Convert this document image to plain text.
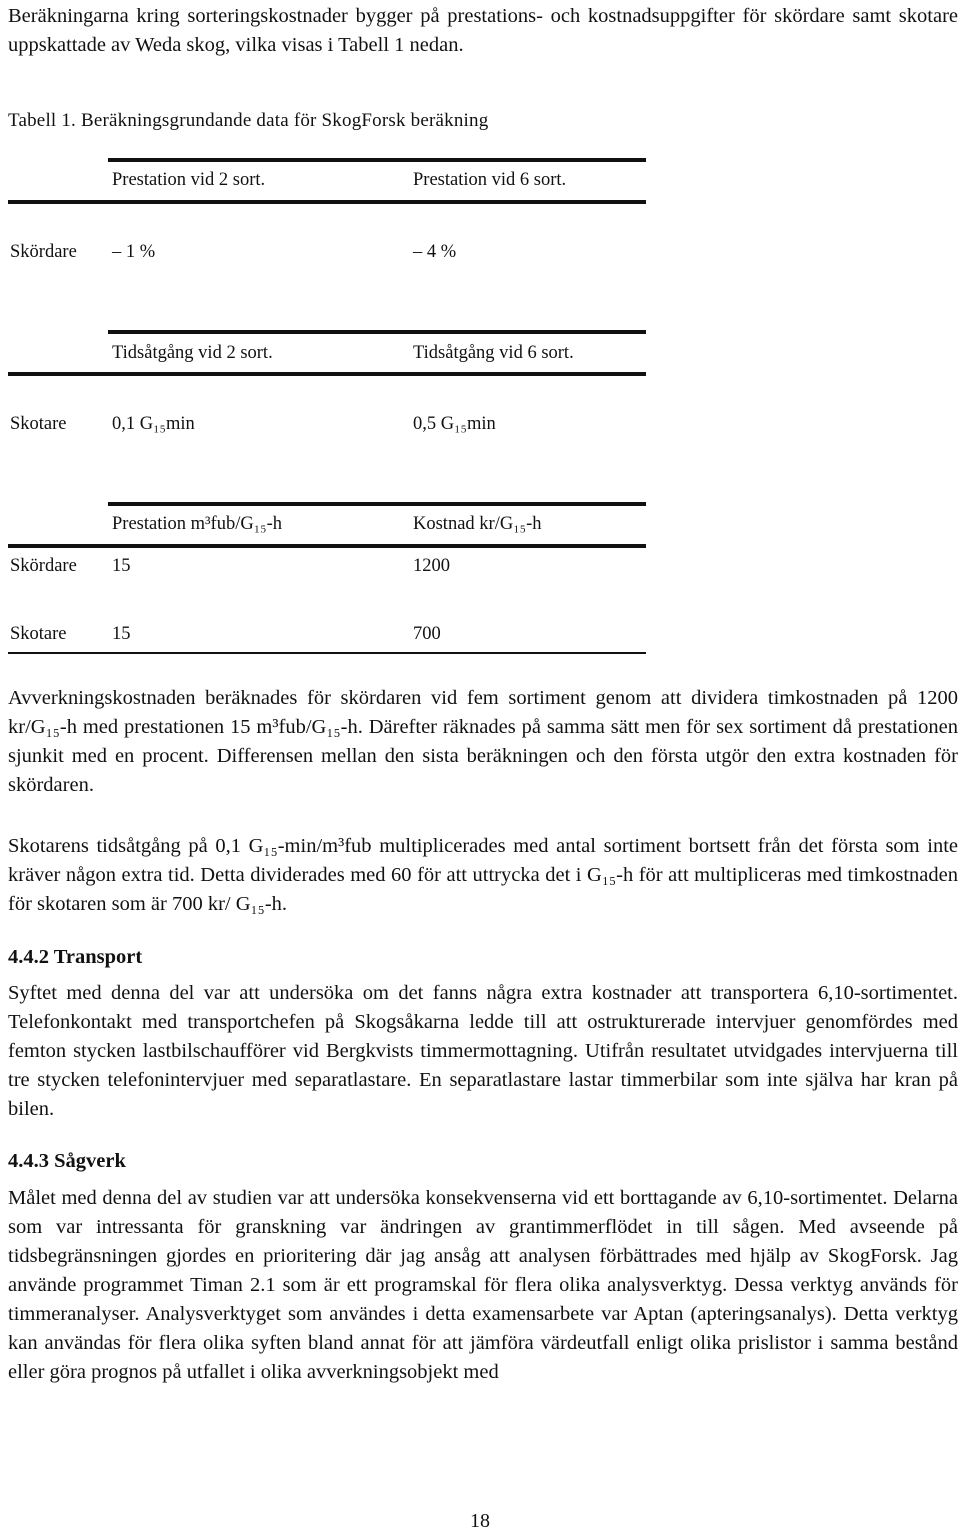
Beräkningarna kring sorteringskostnader bygger på prestations- och kostnadsuppgifter för skördare samt skotare uppskattade av Weda skog, vilka visas i Tabell 1 nedan.
Tabell 1. Beräkningsgrundande data för SkogForsk beräkning
Prestation vid 2 sort.	Prestation vid 6 sort.
Skördare – 1 %	– 4 %
Tidsåtgång vid 2 sort.	Tidsåtgång vid 6 sort.
Skotare 0,1 G₁₅min	0,5 G₁₅min
Prestation m³fub/G₁₅-h	Kostnad kr/G₁₅-h
Skördare 15	1200
Skotare 15	700
Avverkningskostnaden beräknades för skördaren vid fem sortiment genom att dividera timkostnaden på 1200 kr/G₁₅-h med prestationen 15 m³fub/G₁₅-h. Därefter räknades på samma sätt men för sex sortiment då prestationen sjunkit med en procent. Differensen mellan den sista beräkningen och den första utgör den extra kostnaden för skördaren.
Skotarens tidsåtgång på 0,1 G₁₅-min/m³fub multiplicerades med antal sortiment bortsett från det första som inte kräver någon extra tid. Detta dividerades med 60 för att uttrycka det i G₁₅-h för att multipliceras med timkostnaden för skotaren som är 700 kr/ G₁₅-h.
4.4.2 Transport
Syftet med denna del var att undersöka om det fanns några extra kostnader att transportera 6,10-sortimentet. Telefonkontakt med transportchefen på Skogsåkarna ledde till att ostrukturerade intervjuer genomfördes med femton stycken lastbilschaufförer vid Bergkvists timmermottagning. Utifrån resultatet utvidgades intervjuerna till tre stycken telefonintervjuer med separatlastare. En separatlastare lastar timmerbilar som inte själva har kran på bilen.
4.4.3 Sågverk
Målet med denna del av studien var att undersöka konsekvenserna vid ett borttagande av 6,10-sortimentet. Delarna som var intressanta för granskning var ändringen av grantimmerflödet in till sågen. Med avseende på tidsbegränsningen gjordes en prioritering där jag ansåg att analysen förbättrades med hjälp av SkogForsk. Jag använde programmet Timan 2.1 som är ett programskal för flera olika analysverktyg. Dessa verktyg används för timmeranalyser. Analysverktyget som användes i detta examensarbete var Aptan (apteringsanalys). Detta verktyg kan användas för flera olika syften bland annat för att jämföra värdeutfall enligt olika prislistor i samma bestånd eller göra prognos på utfallet i olika avverkningsobjekt med
18
